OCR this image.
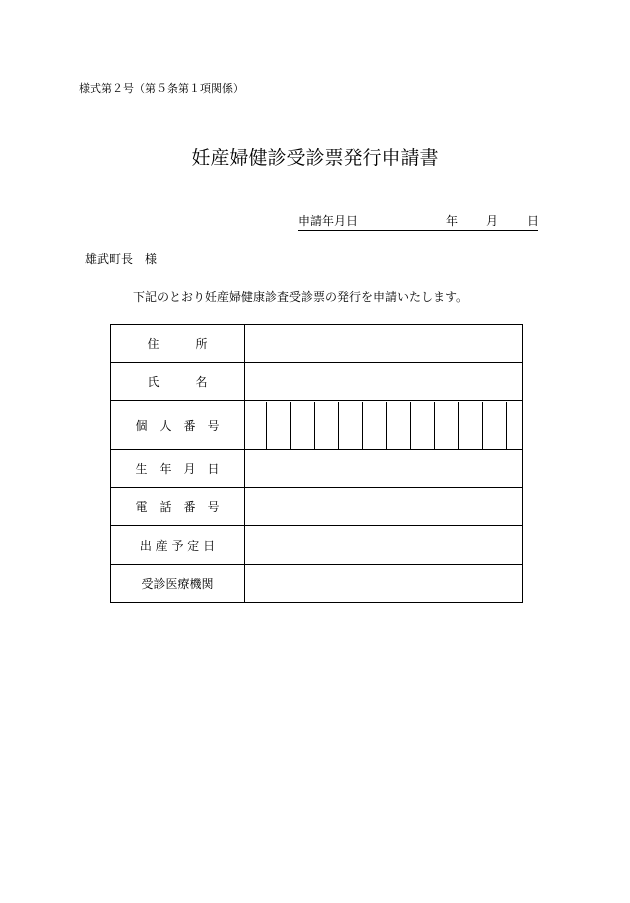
様式第２号（第５条第１項関係）
妊産婦健診受診票発行申請書
申請年月日	年 月 日
雄武町長　様
下記のとおり妊産婦健康診査受診票の発行を申請いたします。
住　　　所	
氏　　　名	
個　人　番　号	

生　年　月　日	
電　話　番　号	
出 産 予 定 日	
受診医療機関	
